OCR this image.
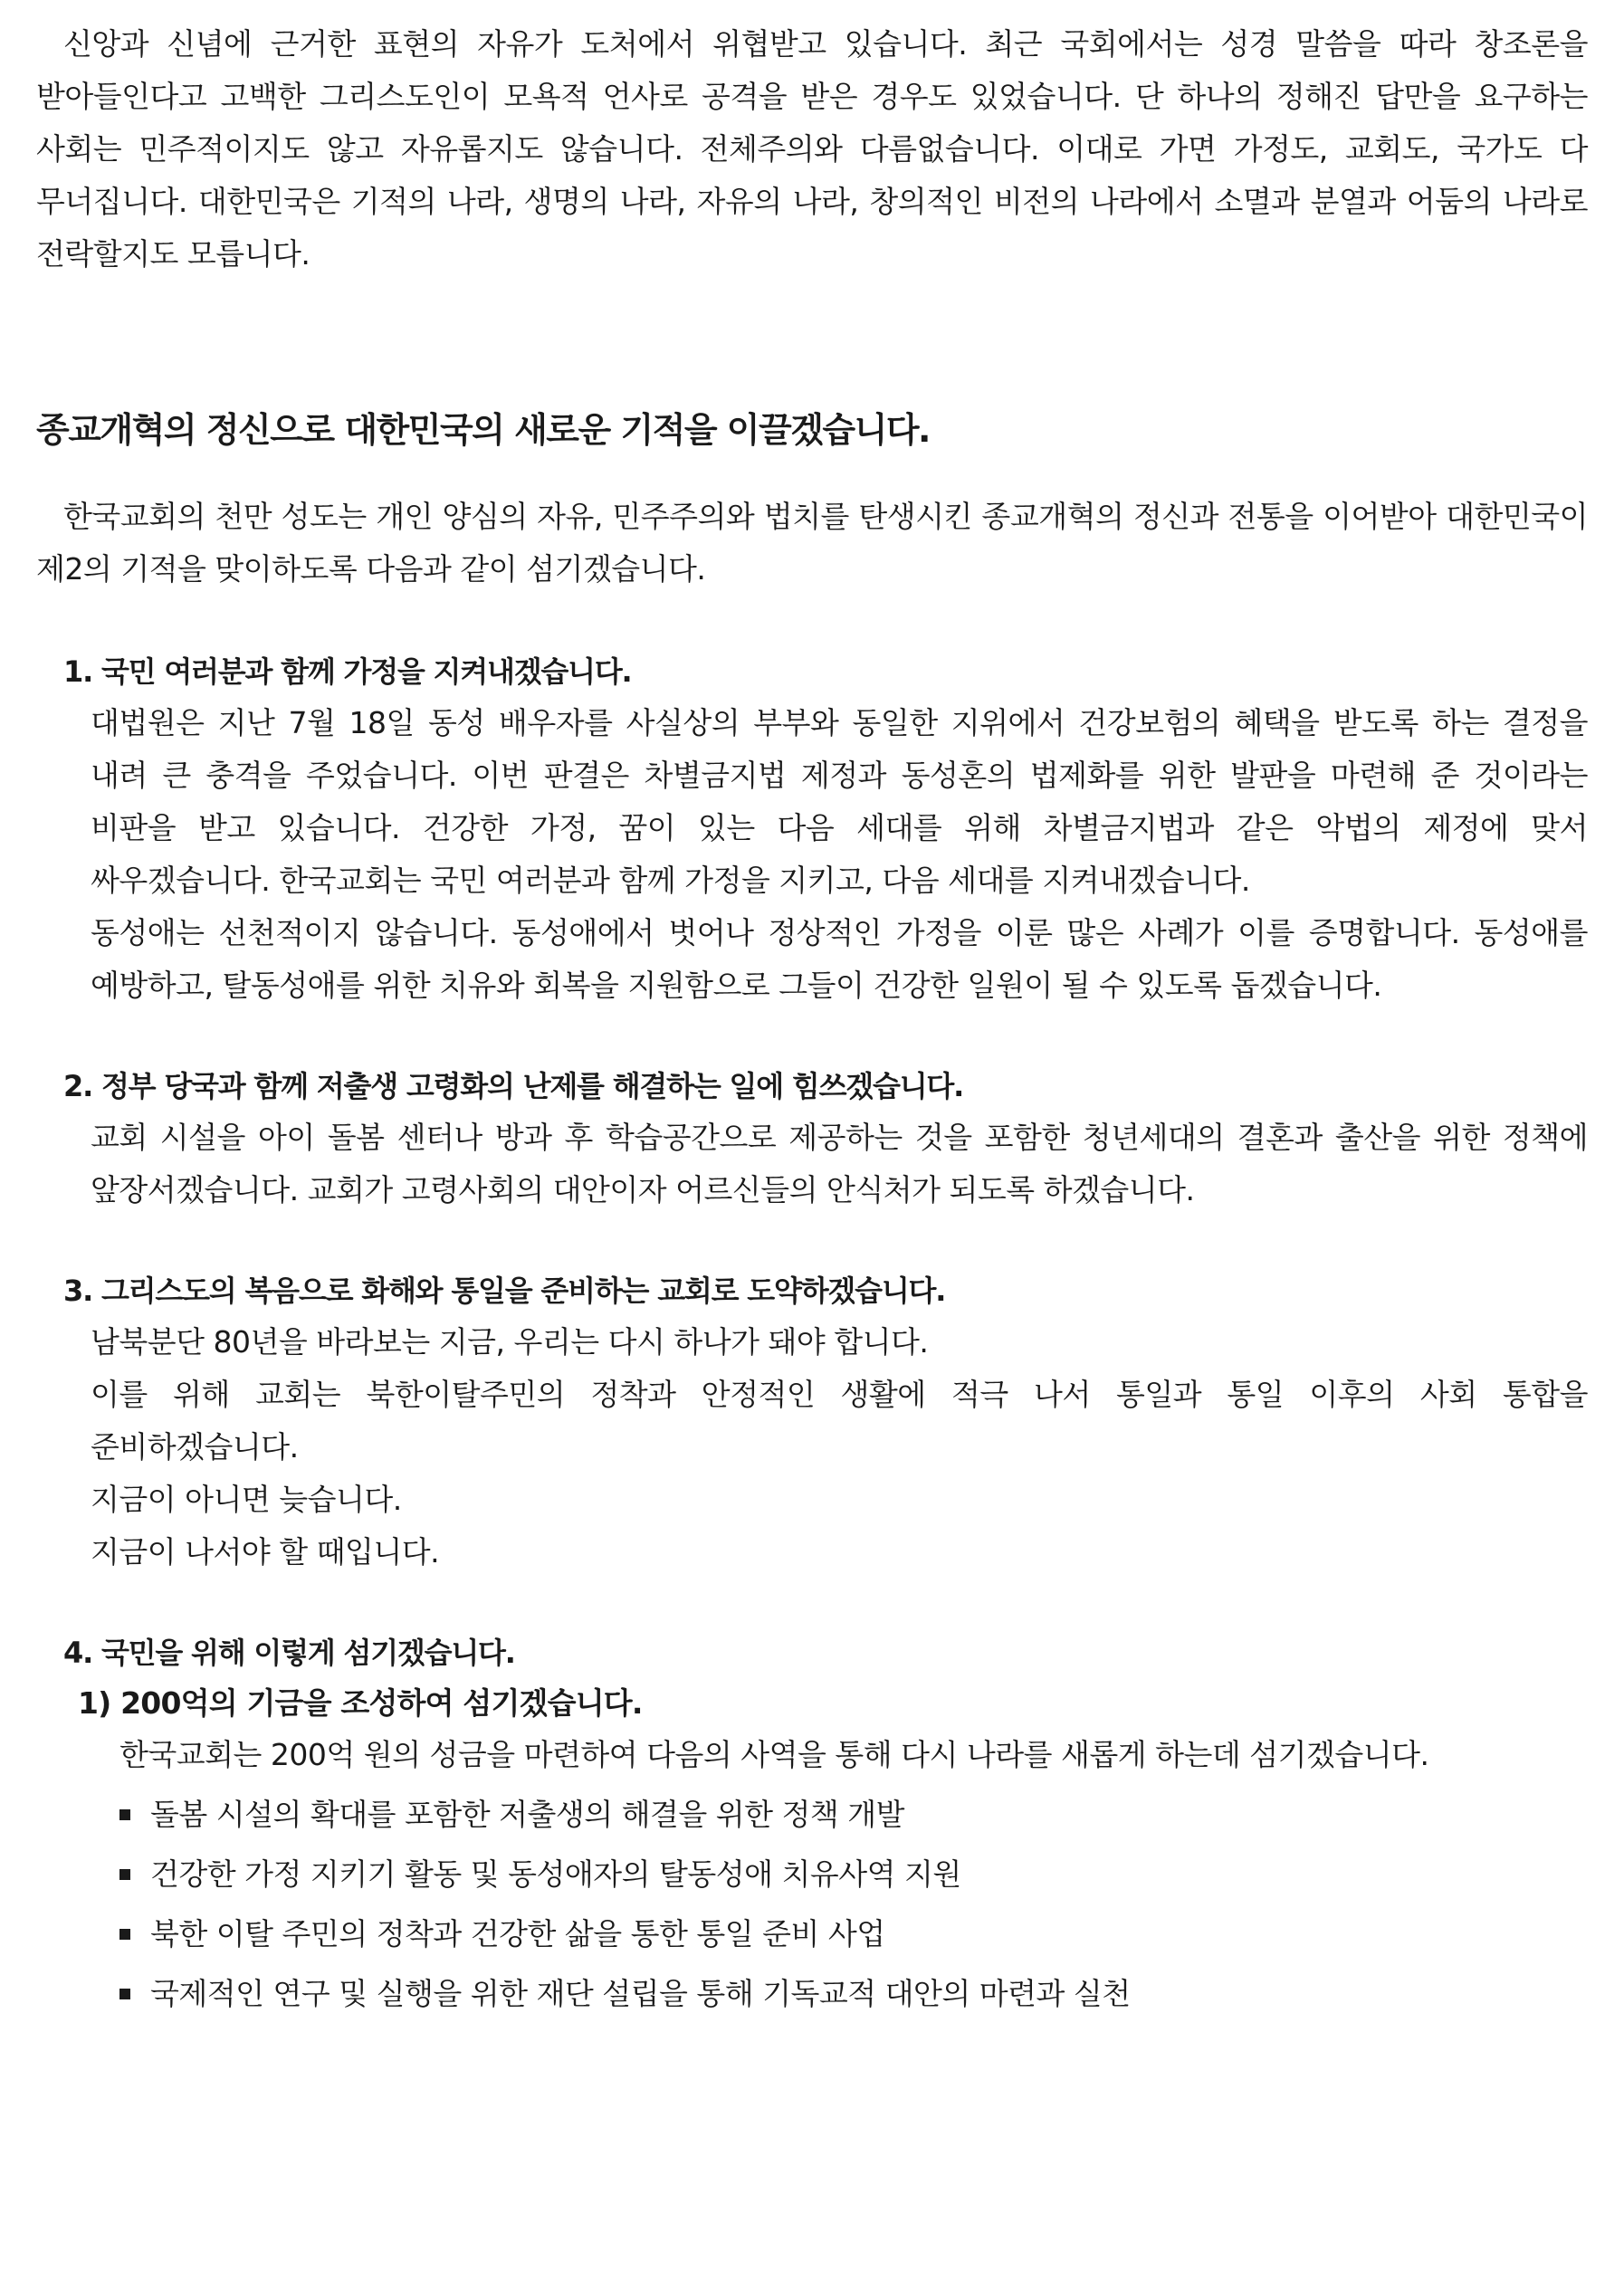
신앙과 신념에 근거한 표현의 자유가 도처에서 위협받고 있습니다. 최근 국회에서는 성경 말씀을 따라 창조론을 받아들인다고 고백한 그리스도인이 모욕적 언사로 공격을 받은 경우도 있었습니다. 단 하나의 정해진 답만을 요구하는 사회는 민주적이지도 않고 자유롭지도 않습니다. 전체주의와 다름없습니다. 이대로 가면 가정도, 교회도, 국가도 다 무너집니다. 대한민국은 기적의 나라, 생명의 나라, 자유의 나라, 창의적인 비전의 나라에서 소멸과 분열과 어둠의 나라로 전락할지도 모릅니다.

종교개혁의 정신으로 대한민국의 새로운 기적을 이끌겠습니다.

한국교회의 천만 성도는 개인 양심의 자유, 민주주의와 법치를 탄생시킨 종교개혁의 정신과 전통을 이어받아 대한민국이 제2의 기적을 맞이하도록 다음과 같이 섬기겠습니다.

1. 국민 여러분과 함께 가정을 지켜내겠습니다.

대법원은 지난 7월 18일 동성 배우자를 사실상의 부부와 동일한 지위에서 건강보험의 혜택을 받도록 하는 결정을 내려 큰 충격을 주었습니다. 이번 판결은 차별금지법 제정과 동성혼의 법제화를 위한 발판을 마련해 준 것이라는 비판을 받고 있습니다. 건강한 가정, 꿈이 있는 다음 세대를 위해 차별금지법과 같은 악법의 제정에 맞서 싸우겠습니다. 한국교회는 국민 여러분과 함께 가정을 지키고, 다음 세대를 지켜내겠습니다.

동성애는 선천적이지 않습니다. 동성애에서 벗어나 정상적인 가정을 이룬 많은 사례가 이를 증명합니다. 동성애를 예방하고, 탈동성애를 위한 치유와 회복을 지원함으로 그들이 건강한 일원이 될 수 있도록 돕겠습니다.

2. 정부 당국과 함께 저출생 고령화의 난제를 해결하는 일에 힘쓰겠습니다.

교회 시설을 아이 돌봄 센터나 방과 후 학습공간으로 제공하는 것을 포함한 청년세대의 결혼과 출산을 위한 정책에 앞장서겠습니다. 교회가 고령사회의 대안이자 어르신들의 안식처가 되도록 하겠습니다.

3. 그리스도의 복음으로 화해와 통일을 준비하는 교회로 도약하겠습니다.

남북분단 80년을 바라보는 지금, 우리는 다시 하나가 돼야 합니다.

이를 위해 교회는 북한이탈주민의 정착과 안정적인 생활에 적극 나서 통일과 통일 이후의 사회 통합을 준비하겠습니다.

지금이 아니면 늦습니다.

지금이 나서야 할 때입니다.

4. 국민을 위해 이렇게 섬기겠습니다.
1) 200억의 기금을 조성하여 섬기겠습니다.

한국교회는 200억 원의 성금을 마련하여 다음의 사역을 통해 다시 나라를 새롭게 하는데 섬기겠습니다.

돌봄 시설의 확대를 포함한 저출생의 해결을 위한 정책 개발
건강한 가정 지키기 활동 및 동성애자의 탈동성애 치유사역 지원
북한 이탈 주민의 정착과 건강한 삶을 통한 통일 준비 사업
국제적인 연구 및 실행을 위한 재단 설립을 통해 기독교적 대안의 마련과 실천
